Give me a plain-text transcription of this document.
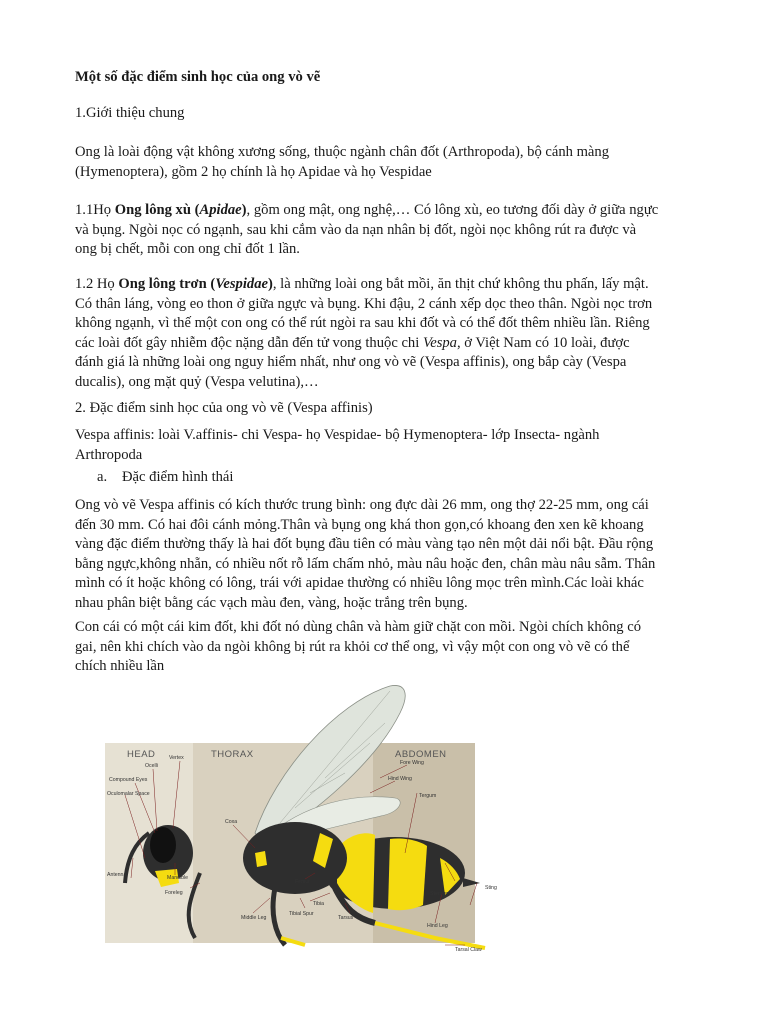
Một số đặc điểm sinh học của ong vò vẽ

1.Giới thiệu chung

Ong là loài động vật không xương sống, thuộc ngành chân đốt (Arthropoda), bộ cánh màng
(Hymenoptera), gồm 2 họ chính là họ Apidae và họ Vespidae

1.1Họ Ong lông xù (Apidae), gồm ong mật, ong nghệ,… Có lông xù, eo tương đối dày ở giữa ngực
và bụng. Ngòi nọc có ngạnh, sau khi cắm vào da nạn nhân bị đốt, ngòi nọc không rút ra được và
ong bị chết, mỗi con ong chỉ đốt 1 lần.

1.2 Họ Ong lông trơn (Vespidae), là những loài ong bắt mồi, ăn thịt chứ không thu phấn, lấy mật.
Có thân láng, vòng eo thon ở giữa ngực và bụng. Khi đậu, 2 cánh xếp dọc theo thân. Ngòi nọc trơn
không ngạnh, vì thế một con ong có thể rút ngòi ra sau khi đốt và có thể đốt thêm nhiều lần. Riêng
các loài đốt gây nhiễm độc nặng dẫn đến tử vong thuộc chi Vespa, ở Việt Nam có 10 loài, được
đánh giá là những loài ong nguy hiểm nhất, như ong vò vẽ (Vespa affinis), ong bắp cày (Vespa
ducalis), ong mặt quỷ (Vespa velutina),…

2. Đặc điểm sinh học của ong vò vẽ (Vespa affinis)

Vespa affinis: loài V.affinis- chi Vespa- họ Vespidae- bộ Hymenoptera- lớp Insecta- ngành
Arthropoda

a. Đặc điểm hình thái

Ong vò vẽ Vespa affinis có kích thước trung bình: ong đực dài 26 mm, ong thợ 22-25 mm, ong cái
đến 30 mm. Có hai đôi cánh mỏng.Thân và bụng ong khá thon gọn,có khoang đen xen kẽ khoang
vàng đặc điểm thường thấy là hai đốt bụng đầu tiên có màu vàng tạo nên một dải nổi bật. Đầu rộng
bằng ngực,không nhẵn, có nhiều nốt rỗ lấm chấm nhỏ, màu nâu hoặc đen, chân màu nâu sẫm. Thân
mình có ít hoặc không có lông, trái với apidae thường có nhiều lông mọc trên mình.Các loài khác
nhau phân biệt bằng các vạch màu đen, vàng, hoặc trắng trên bụng.

Con cái có một cái kim đốt, khi đốt nó dùng chân và hàm giữ chặt con mồi. Ngòi chích không có
gai, nên khi chích vào da ngòi không bị rút ra khỏi cơ thể ong, vì vậy một con ong vò vẽ có thể
chích nhiều lần

HEAD	THORAX	ABDOMEN
Vertex
Ocelli
Compound Eyes
Oculomalar Space
Antenna	Mandible
Foreleg
Coxa
Middle Leg
Femur
Tibial Spur
Tibia
Tarsus
Sternum
Hind Leg
Tarsal Claw
Sting
Fore Wing
Hind Wing
Tergum
